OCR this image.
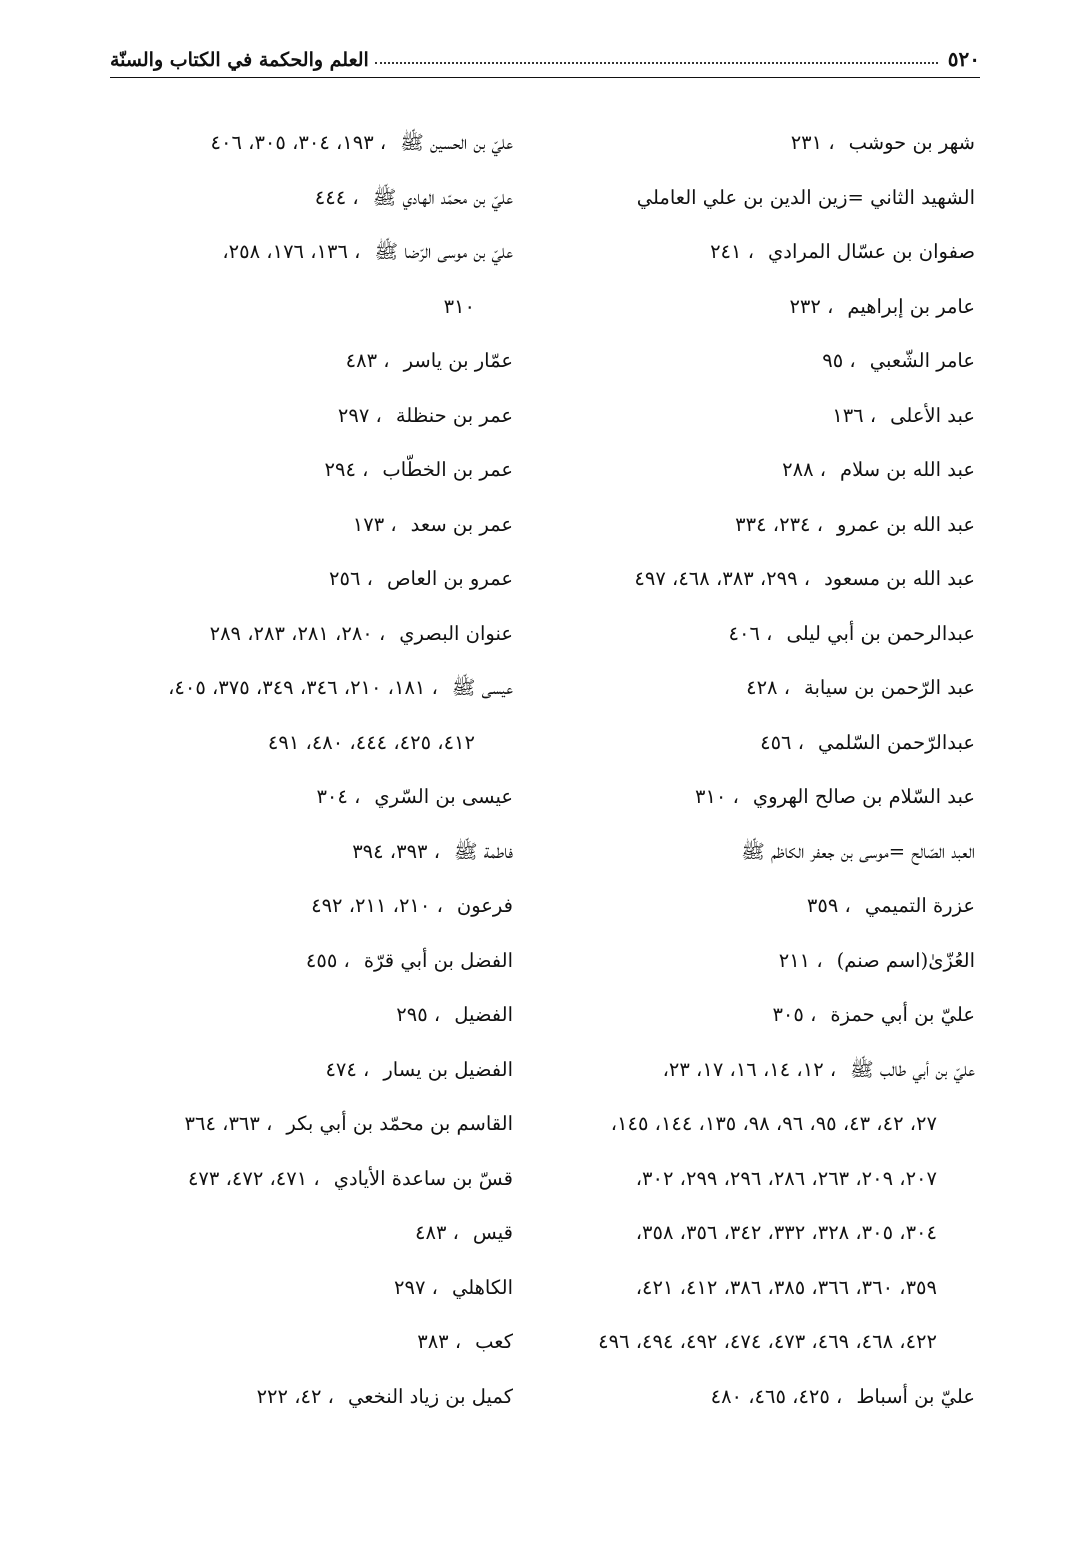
٥٢٠
العلم والحكمة في الكتاب والسنّة
شهر بن حوشب، ٢٣١
الشهيد الثاني =زين الدين بن علي العاملي
صفوان بن عسّال المرادي، ٢٤١
عامر بن إبراهيم، ٢٣٢
عامر الشّعبي، ٩٥
عبد الأعلى، ١٣٦
عبد الله بن سلام، ٢٨٨
عبد الله بن عمرو، ٢٣٤، ٣٣٤
عبد الله بن مسعود، ٢٩٩، ٣٨٣، ٤٦٨، ٤٩٧
عبدالرحمن بن أبي ليلى، ٤٠٦
عبد الرّحمن بن سيابة، ٤٢٨
عبدالرّحمن السّلمي، ٤٥٦
عبد السّلام بن صالح الهروي، ٣١٠
العبد الصّالح =موسى بن جعفر الكاظم ﷺ
عزرة التميمي، ٣٥٩
العُزّىٰ(اسم صنم)، ٢١١
عليّ بن أبي حمزة، ٣٠٥
عليّ بن أبي طالب ﷺ، ١٢، ١٤، ١٦، ١٧، ٢٣،
٢٧، ٤٢، ٤٣، ٩٥، ٩٦، ٩٨، ١٣٥، ١٤٤، ١٤٥،
٢٠٧، ٢٠٩، ٢٦٣، ٢٨٦، ٢٩٦، ٢٩٩، ٣٠٢،
٣٠٤، ٣٠٥، ٣٢٨، ٣٣٢، ٣٤٢، ٣٥٦، ٣٥٨،
٣٥٩، ٣٦٠، ٣٦٦، ٣٨٥، ٣٨٦، ٤١٢، ٤٢١،
٤٢٢، ٤٦٨، ٤٦٩، ٤٧٣، ٤٧٤، ٤٩٢، ٤٩٤، ٤٩٦
عليّ بن أسباط، ٤٢٥، ٤٦٥، ٤٨٠
عليّ بن الحسين ﷺ، ١٩٣، ٣٠٤، ٣٠٥، ٤٠٦
عليّ بن محمّد الهادي ﷺ، ٤٤٤
عليّ بن موسى الرّضا ﷺ، ١٣٦، ١٧٦، ٢٥٨،
٣١٠
عمّار بن ياسر، ٤٨٣
عمر بن حنظلة، ٢٩٧
عمر بن الخطّاب، ٢٩٤
عمر بن سعد، ١٧٣
عمرو بن العاص، ٢٥٦
عنوان البصري، ٢٨٠، ٢٨١، ٢٨٣، ٢٨٩
عيسى ﷺ، ١٨١، ٢١٠، ٣٤٦، ٣٤٩، ٣٧٥، ٤٠٥،
٤١٢، ٤٢٥، ٤٤٤، ٤٨٠، ٤٩١
عيسى بن السّري، ٣٠٤
فاطمة ﷺ، ٣٩٣، ٣٩٤
فرعون، ٢١٠، ٢١١، ٤٩٢
الفضل بن أبي قرّة، ٤٥٥
الفضيل، ٢٩٥
الفضيل بن يسار، ٤٧٤
القاسم بن محمّد بن أبي بكر، ٣٦٣، ٣٦٤
قسّ بن ساعدة الأيادي، ٤٧١، ٤٧٢، ٤٧٣
قيس، ٤٨٣
الكاهلي، ٢٩٧
كعب، ٣٨٣
كميل بن زياد النخعي، ٤٢، ٢٢٢
